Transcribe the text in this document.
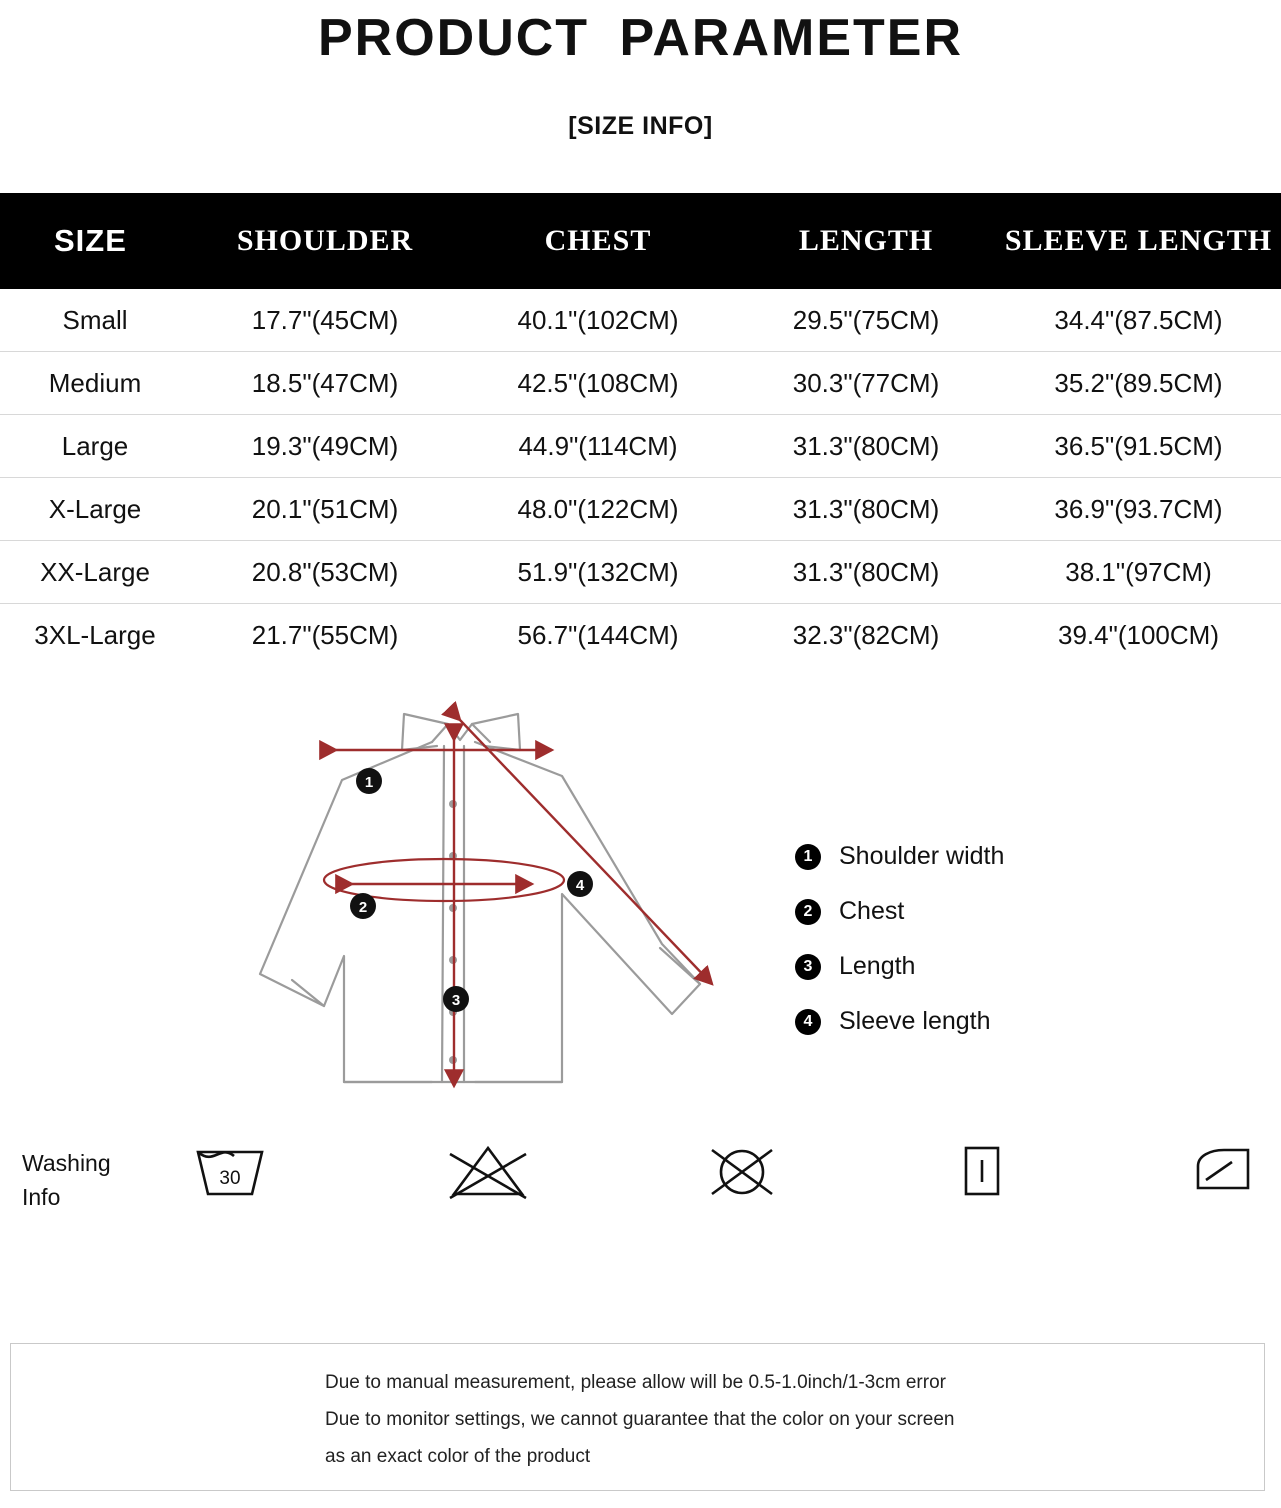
PRODUCT PARAMETER
[SIZE INFO]
SIZE	SHOULDER	CHEST	LENGTH	SLEEVE LENGTH
Small	17.7"(45CM)	40.1"(102CM)	29.5"(75CM)	34.4"(87.5CM)
Medium	18.5"(47CM)	42.5"(108CM)	30.3"(77CM)	35.2"(89.5CM)
Large	19.3"(49CM)	44.9"(114CM)	31.3"(80CM)	36.5"(91.5CM)
X-Large	20.1"(51CM)	48.0"(122CM)	31.3"(80CM)	36.9"(93.7CM)
XX-Large	20.8"(53CM)	51.9"(132CM)	31.3"(80CM)	38.1"(97CM)
3XL-Large	21.7"(55CM)	56.7"(144CM)	32.3"(82CM)	39.4"(100CM)
1
2
3
4
1	Shoulder width
2	Chest
3	Length
4	Sleeve length
Washing
Info
30
Due to manual measurement, please allow will be 0.5-1.0inch/1-3cm error
Due to monitor settings, we cannot guarantee that the color on your screen
as an exact color of the product
